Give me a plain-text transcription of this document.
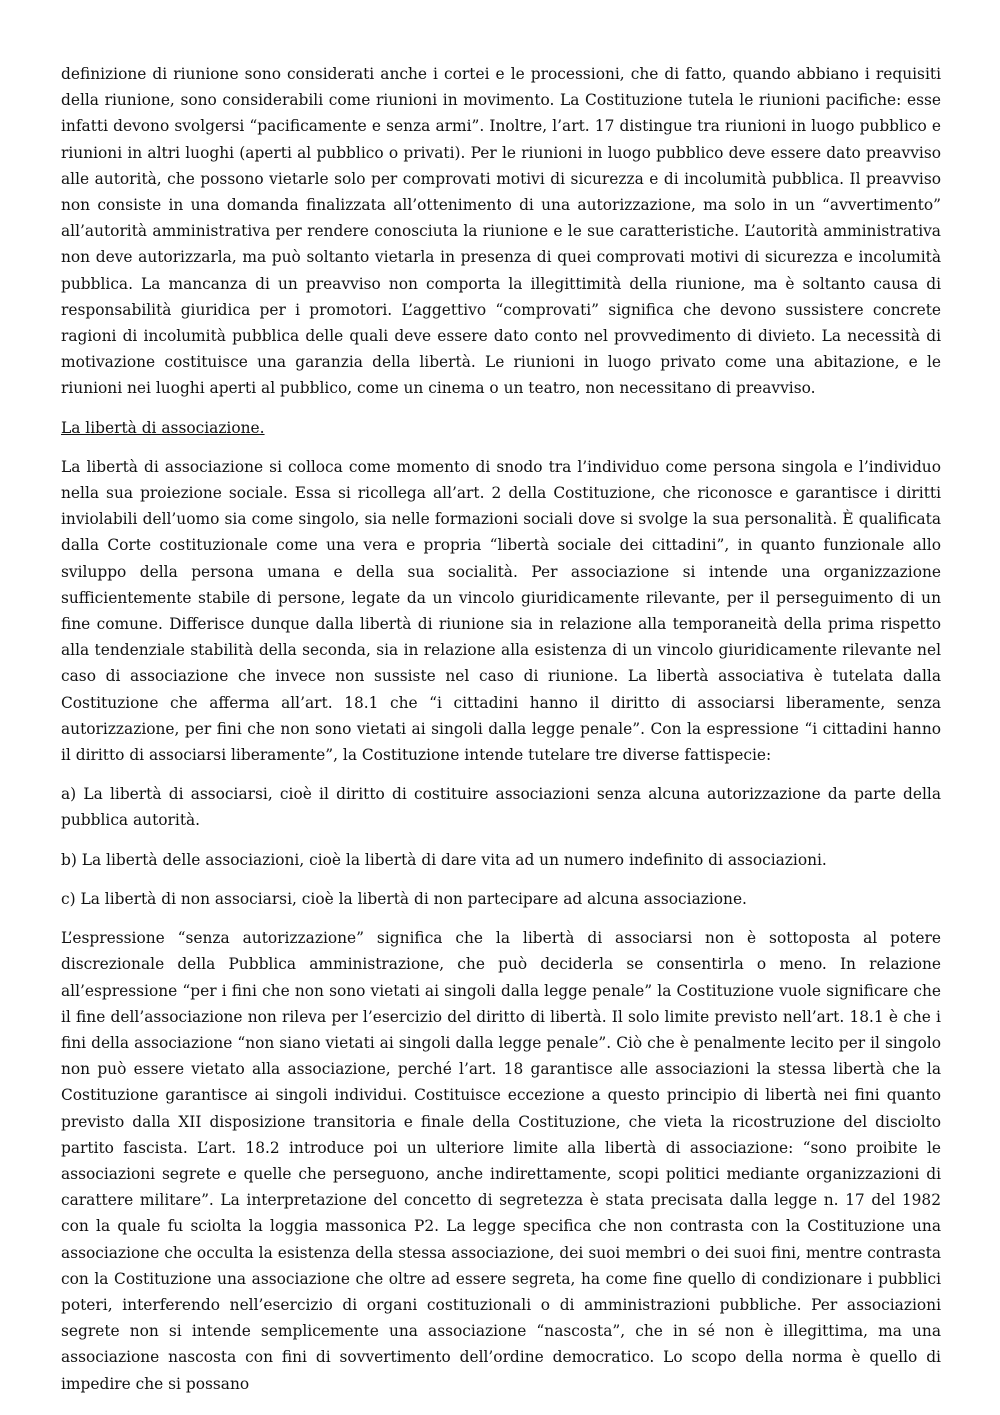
definizione di riunione sono considerati anche i cortei e le processioni, che di fatto, quando abbiano i requisiti della riunione, sono considerabili come riunioni in movimento. La Costituzione tutela le riunioni pacifiche: esse infatti devono svolgersi “pacificamente e senza armi”. Inoltre, l’art. 17 distingue tra riunioni in luogo pubblico e riunioni in altri luoghi (aperti al pubblico o privati). Per le riunioni in luogo pubblico deve essere dato preavviso alle autorità, che possono vietarle solo per comprovati motivi di sicurezza e di incolumità pubblica. Il preavviso non consiste in una domanda finalizzata all’ottenimento di una autorizzazione, ma solo in un “avvertimento” all’autorità amministrativa per rendere conosciuta la riunione e le sue caratteristiche. L’autorità amministrativa non deve autorizzarla, ma può soltanto vietarla in presenza di quei comprovati motivi di sicurezza e incolumità pubblica. La mancanza di un preavviso non comporta la illegittimità della riunione, ma è soltanto causa di responsabilità giuridica per i promotori. L’aggettivo “comprovati” significa che devono sussistere concrete ragioni di incolumità pubblica delle quali deve essere dato conto nel provvedimento di divieto. La necessità di motivazione costituisce una garanzia della libertà. Le riunioni in luogo privato come una abitazione, e le riunioni nei luoghi aperti al pubblico, come un cinema o un teatro, non necessitano di preavviso.

La libertà di associazione.

La libertà di associazione si colloca come momento di snodo tra l’individuo come persona singola e l’individuo nella sua proiezione sociale. Essa si ricollega all’art. 2 della Costituzione, che riconosce e garantisce i diritti inviolabili dell’uomo sia come singolo, sia nelle formazioni sociali dove si svolge la sua personalità. È qualificata dalla Corte costituzionale come una vera e propria “libertà sociale dei cittadini”, in quanto funzionale allo sviluppo della persona umana e della sua socialità. Per associazione si intende una organizzazione sufficientemente stabile di persone, legate da un vincolo giuridicamente rilevante, per il perseguimento di un fine comune. Differisce dunque dalla libertà di riunione sia in relazione alla temporaneità della prima rispetto alla tendenziale stabilità della seconda, sia in relazione alla esistenza di un vincolo giuridicamente rilevante nel caso di associazione che invece non sussiste nel caso di riunione. La libertà associativa è tutelata dalla Costituzione che afferma all’art. 18.1 che “i cittadini hanno il diritto di associarsi liberamente, senza autorizzazione, per fini che non sono vietati ai singoli dalla legge penale”. Con la espressione “i cittadini hanno il diritto di associarsi liberamente”, la Costituzione intende tutelare tre diverse fattispecie:

a) La libertà di associarsi, cioè il diritto di costituire associazioni senza alcuna autorizzazione da parte della pubblica autorità.

b) La libertà delle associazioni, cioè la libertà di dare vita ad un numero indefinito di associazioni.

c) La libertà di non associarsi, cioè la libertà di non partecipare ad alcuna associazione.

L’espressione “senza autorizzazione” significa che la libertà di associarsi non è sottoposta al potere discrezionale della Pubblica amministrazione, che può deciderla se consentirla o meno. In relazione all’espressione “per i fini che non sono vietati ai singoli dalla legge penale” la Costituzione vuole significare che il fine dell’associazione non rileva per l’esercizio del diritto di libertà. Il solo limite previsto nell’art. 18.1 è che i fini della associazione “non siano vietati ai singoli dalla legge penale”. Ciò che è penalmente lecito per il singolo non può essere vietato alla associazione, perché l’art. 18 garantisce alle associazioni la stessa libertà che la Costituzione garantisce ai singoli individui. Costituisce eccezione a questo principio di libertà nei fini quanto previsto dalla XII disposizione transitoria e finale della Costituzione, che vieta la ricostruzione del disciolto partito fascista. L’art. 18.2 introduce poi un ulteriore limite alla libertà di associazione: “sono proibite le associazioni segrete e quelle che perseguono, anche indirettamente, scopi politici mediante organizzazioni di carattere militare”. La interpretazione del concetto di segretezza è stata precisata dalla legge n. 17 del 1982 con la quale fu sciolta la loggia massonica P2. La legge specifica che non contrasta con la Costituzione una associazione che occulta la esistenza della stessa associazione, dei suoi membri o dei suoi fini, mentre contrasta con la Costituzione una associazione che oltre ad essere segreta, ha come fine quello di condizionare i pubblici poteri, interferendo nell’esercizio di organi costituzionali o di amministrazioni pubbliche. Per associazioni segrete non si intende semplicemente una associazione “nascosta”, che in sé non è illegittima, ma una associazione nascosta con fini di sovvertimento dell’ordine democratico. Lo scopo della norma è quello di impedire che si possano
